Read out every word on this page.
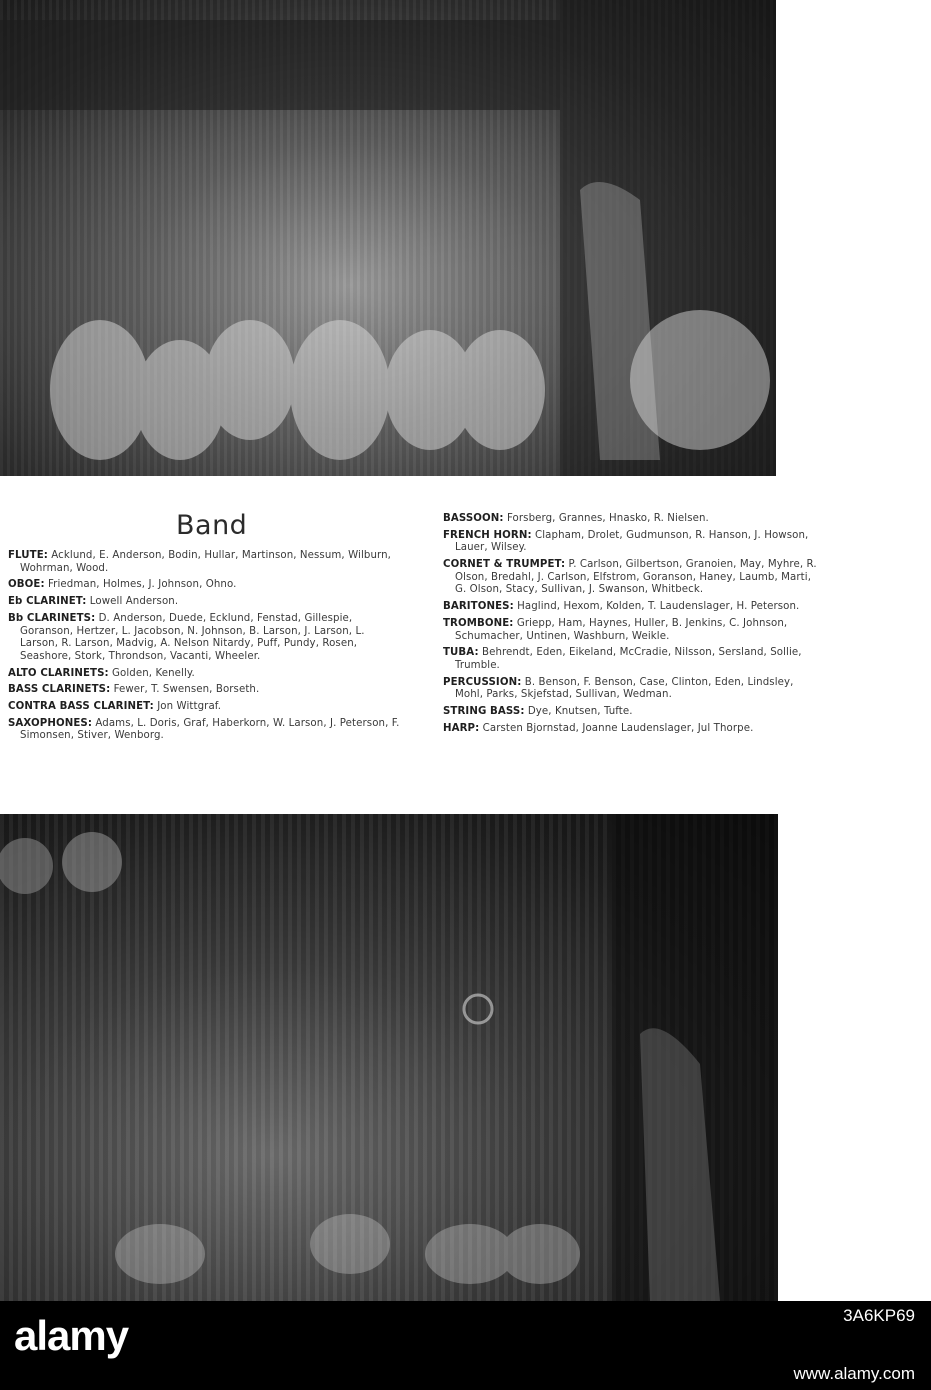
Band
FLUTE: Acklund, E. Anderson, Bodin, Hullar, Martinson, Nessum, Wilburn, Wohrman, Wood.
OBOE: Friedman, Holmes, J. Johnson, Ohno.
Eb CLARINET: Lowell Anderson.
Bb CLARINETS: D. Anderson, Duede, Ecklund, Fenstad, Gillespie, Goranson, Hertzer, L. Jacobson, N. Johnson, B. Larson, J. Larson, L. Larson, R. Larson, Madvig, A. Nelson Nitardy, Puff, Pundy, Rosen, Seashore, Stork, Throndson, Vacanti, Wheeler.
ALTO CLARINETS: Golden, Kenelly.
BASS CLARINETS: Fewer, T. Swensen, Borseth.
CONTRA BASS CLARINET: Jon Wittgraf.
SAXOPHONES: Adams, L. Doris, Graf, Haberkorn, W. Larson, J. Peterson, F. Simonsen, Stiver, Wenborg.
BASSOON: Forsberg, Grannes, Hnasko, R. Nielsen.
FRENCH HORN: Clapham, Drolet, Gudmunson, R. Hanson, J. Howson, Lauer, Wilsey.
CORNET & TRUMPET: P. Carlson, Gilbertson, Granoien, May, Myhre, R. Olson, Bredahl, J. Carlson, Elfstrom, Goranson, Haney, Laumb, Marti, G. Olson, Stacy, Sullivan, J. Swanson, Whitbeck.
BARITONES: Haglind, Hexom, Kolden, T. Laudenslager, H. Peterson.
TROMBONE: Griepp, Ham, Haynes, Huller, B. Jenkins, C. Johnson, Schumacher, Untinen, Washburn, Weikle.
TUBA: Behrendt, Eden, Eikeland, McCradie, Nilsson, Sersland, Sollie, Trumble.
PERCUSSION: B. Benson, F. Benson, Case, Clinton, Eden, Lindsley, Mohl, Parks, Skjefstad, Sullivan, Wedman.
STRING BASS: Dye, Knutsen, Tufte.
HARP: Carsten Bjornstad, Joanne Laudenslager, Jul Thorpe.
alamy	3A6KP69
www.alamy.com
